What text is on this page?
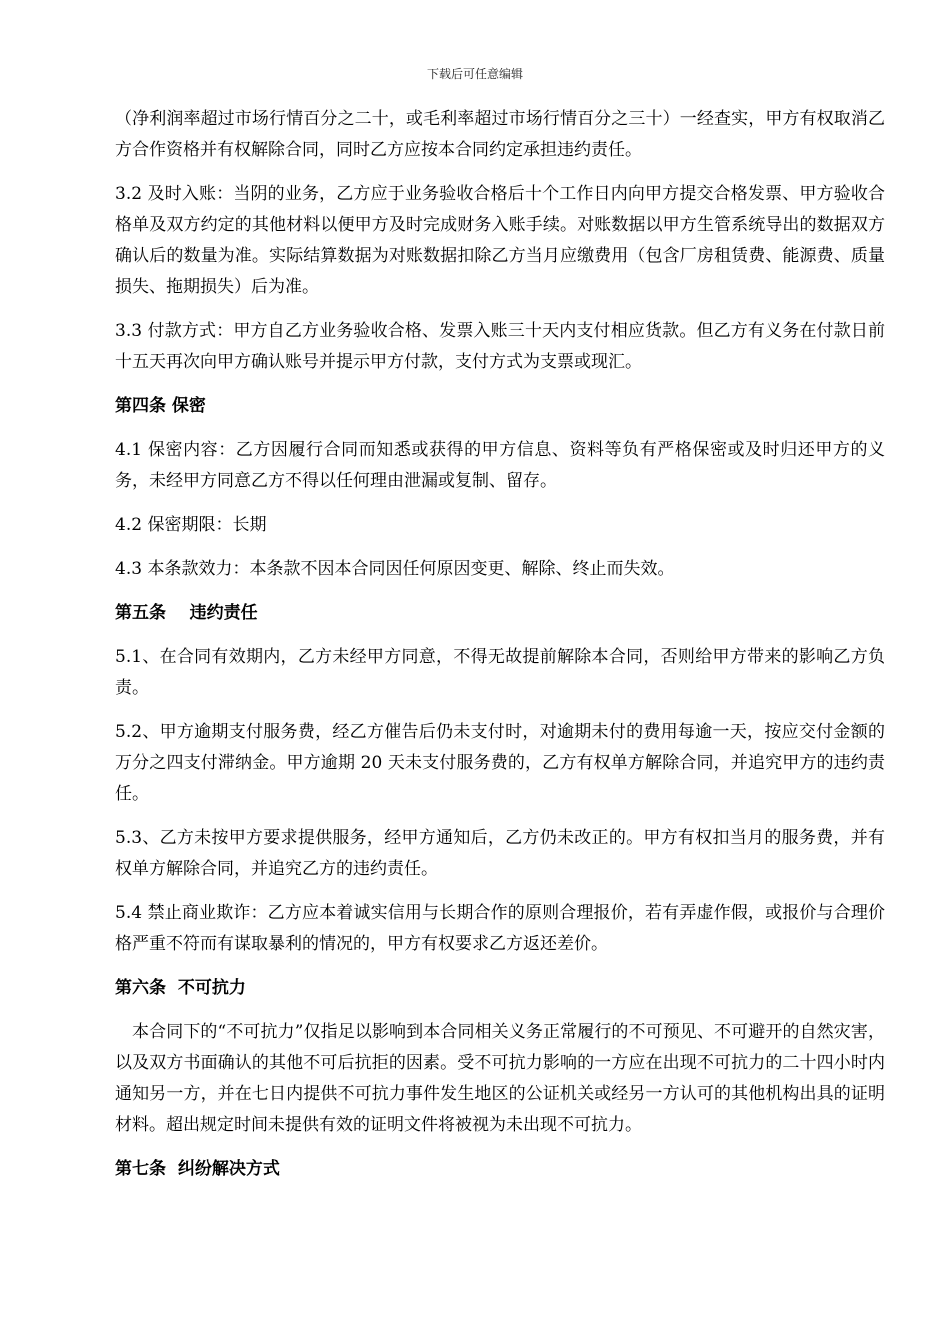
下载后可任意编辑

（净利润率超过市场行情百分之二十，或毛利率超过市场行情百分之三十）一经查实，甲方有权取消乙方合作资格并有权解除合同，同时乙方应按本合同约定承担违约责任。

3.2 及时入账：当阴的业务，乙方应于业务验收合格后十个工作日内向甲方提交合格发票、甲方验收合格单及双方约定的其他材料以便甲方及时完成财务入账手续。对账数据以甲方生管系统导出的数据双方确认后的数量为准。实际结算数据为对账数据扣除乙方当月应缴费用（包含厂房租赁费、能源费、质量损失、拖期损失）后为准。

3.3 付款方式：甲方自乙方业务验收合格、发票入账三十天内支付相应货款。但乙方有义务在付款日前十五天再次向甲方确认账号并提示甲方付款，支付方式为支票或现汇。

第四条 保密

4.1 保密内容：乙方因履行合同而知悉或获得的甲方信息、资料等负有严格保密或及时归还甲方的义务，未经甲方同意乙方不得以任何理由泄漏或复制、留存。

4.2 保密期限：长期

4.3 本条款效力：本条款不因本合同因任何原因变更、解除、终止而失效。

第五条    违约责任

5.1、在合同有效期内，乙方未经甲方同意，不得无故提前解除本合同，否则给甲方带来的影响乙方负责。

5.2、甲方逾期支付服务费，经乙方催告后仍未支付时，对逾期未付的费用每逾一天，按应交付金额的万分之四支付滞纳金。甲方逾期 20 天未支付服务费的，乙方有权单方解除合同，并追究甲方的违约责任。

5.3、乙方未按甲方要求提供服务，经甲方通知后，乙方仍未改正的。甲方有权扣当月的服务费，并有权单方解除合同，并追究乙方的违约责任。

5.4 禁止商业欺诈：乙方应本着诚实信用与长期合作的原则合理报价，若有弄虚作假，或报价与合理价格严重不符而有谋取暴利的情况的，甲方有权要求乙方返还差价。

第六条  不可抗力

本合同下的“不可抗力”仅指足以影响到本合同相关义务正常履行的不可预见、不可避开的自然灾害，以及双方书面确认的其他不可后抗拒的因素。受不可抗力影响的一方应在出现不可抗力的二十四小时内通知另一方，并在七日内提供不可抗力事件发生地区的公证机关或经另一方认可的其他机构出具的证明材料。超出规定时间未提供有效的证明文件将被视为未出现不可抗力。

第七条  纠纷解决方式
